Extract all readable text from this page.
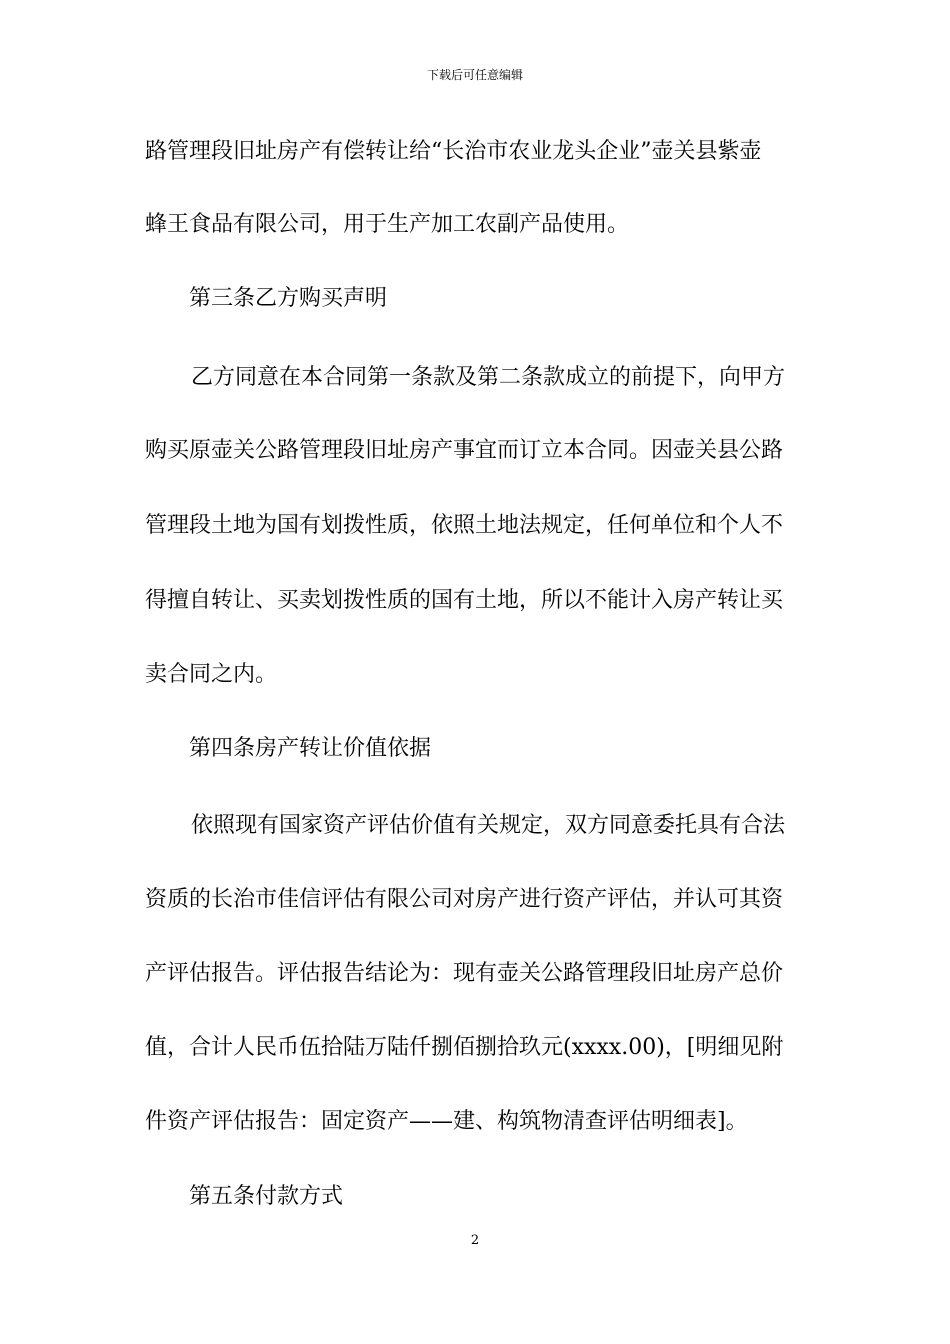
下载后可任意编辑
路管理段旧址房产有偿转让给“长治市农业龙头企业”壶关县紫壶
蜂王食品有限公司，用于生产加工农副产品使用。
第三条乙方购买声明
乙方同意在本合同第一条款及第二条款成立的前提下，向甲方
购买原壶关公路管理段旧址房产事宜而订立本合同。因壶关县公路
管理段土地为国有划拨性质，依照土地法规定，任何单位和个人不
得擅自转让、买卖划拨性质的国有土地，所以不能计入房产转让买
卖合同之内。
第四条房产转让价值依据
依照现有国家资产评估价值有关规定，双方同意委托具有合法
资质的长治市佳信评估有限公司对房产进行资产评估，并认可其资
产评估报告。评估报告结论为：现有壶关公路管理段旧址房产总价
值，合计人民币伍拾陆万陆仟捌佰捌拾玖元(xxxx.00)，[明细见附
件资产评估报告：固定资产——建、构筑物清查评估明细表]。
第五条付款方式
2
